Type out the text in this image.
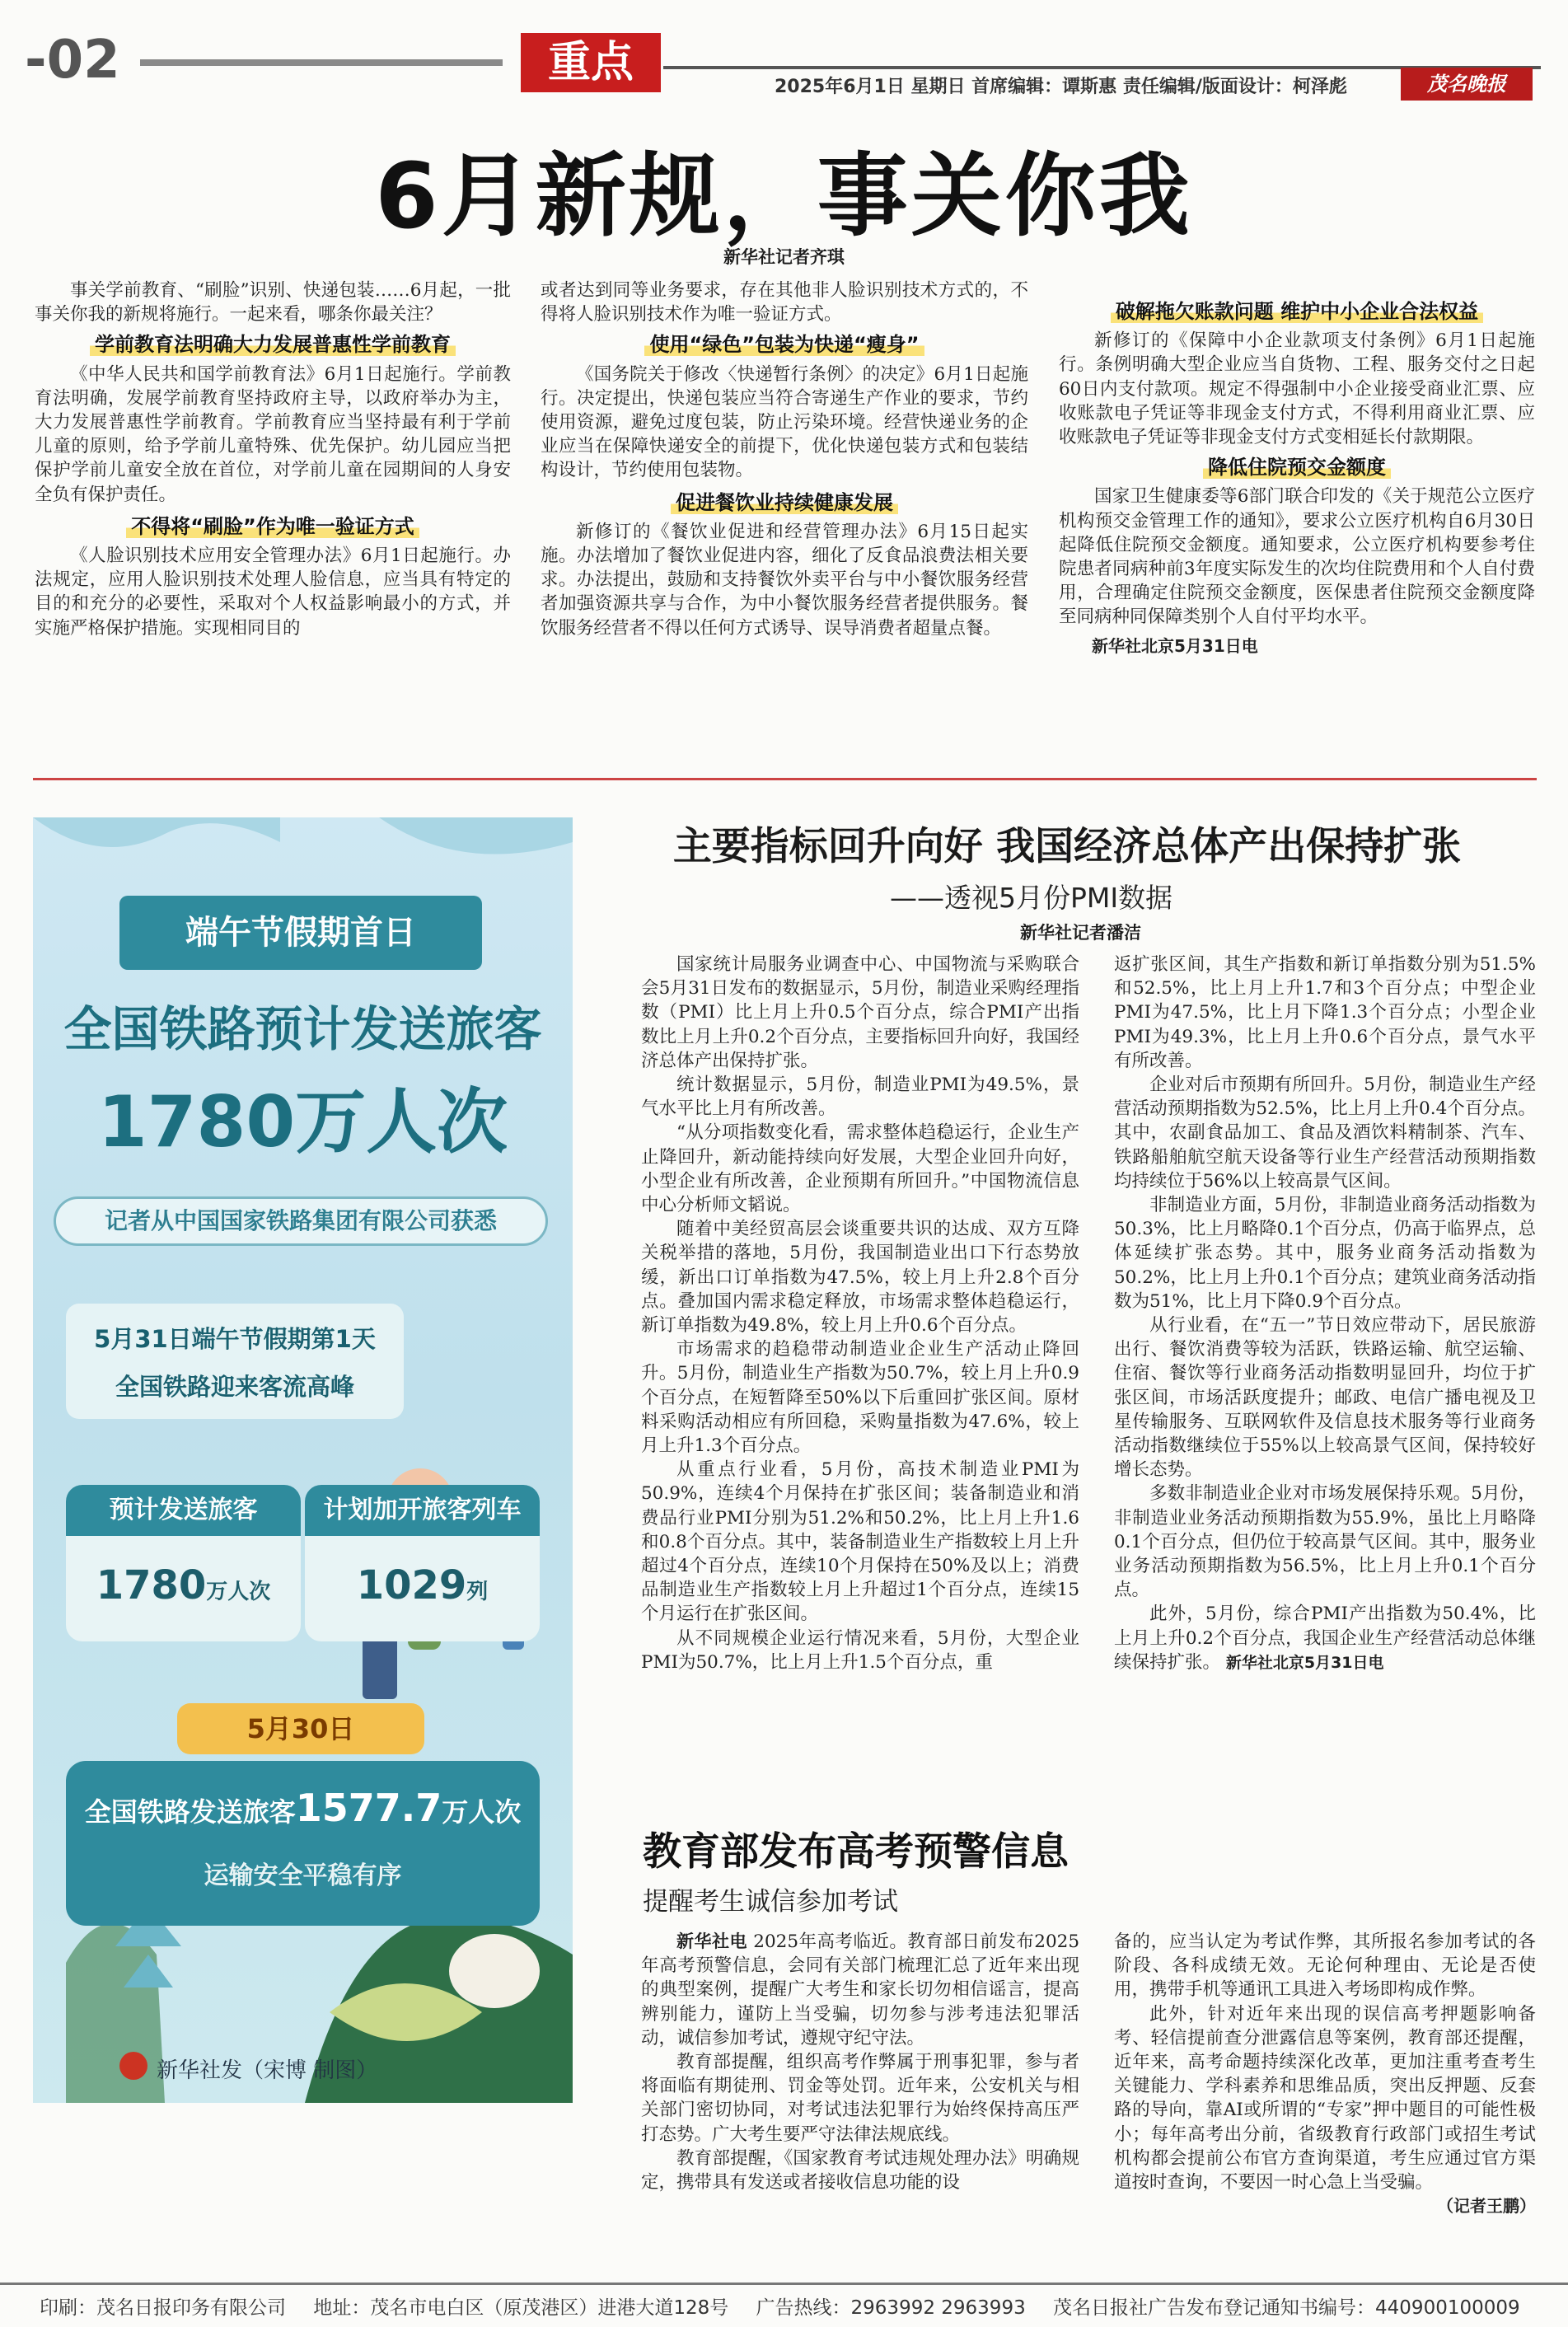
-02	重点	2025年6月1日 星期日 首席编辑：谭斯惠 责任编辑/版面设计：柯泽彪	茂名晚报
6月新规，事关你我
新华社记者齐琪

事关学前教育、“刷脸”识别、快递包装……6月起，一批事关你我的新规将施行。一起来看，哪条你最关注？

学前教育法明确大力发展普惠性学前教育

《中华人民共和国学前教育法》6月1日起施行。学前教育法明确，发展学前教育坚持政府主导，以政府举办为主，大力发展普惠性学前教育。学前教育应当坚持最有利于学前儿童的原则，给予学前儿童特殊、优先保护。幼儿园应当把保护学前儿童安全放在首位，对学前儿童在园期间的人身安全负有保护责任。

不得将“刷脸”作为唯一验证方式

《人脸识别技术应用安全管理办法》6月1日起施行。办法规定，应用人脸识别技术处理人脸信息，应当具有特定的目的和充分的必要性，采取对个人权益影响最小的方式，并实施严格保护措施。实现相同目的

或者达到同等业务要求，存在其他非人脸识别技术方式的，不得将人脸识别技术作为唯一验证方式。
使用“绿色”包装为快递“瘦身”

《国务院关于修改〈快递暂行条例〉的决定》6月1日起施行。决定提出，快递包装应当符合寄递生产作业的要求，节约使用资源，避免过度包装，防止污染环境。经营快递业务的企业应当在保障快递安全的前提下，优化快递包装方式和包装结构设计，节约使用包装物。

促进餐饮业持续健康发展

新修订的《餐饮业促进和经营管理办法》6月15日起实施。办法增加了餐饮业促进内容，细化了反食品浪费法相关要求。办法提出，鼓励和支持餐饮外卖平台与中小餐饮服务经营者加强资源共享与合作，为中小餐饮服务经营者提供服务。餐饮服务经营者不得以任何方式诱导、误导消费者超量点餐。

破解拖欠账款问题 维护中小企业合法权益

新修订的《保障中小企业款项支付条例》6月1日起施行。条例明确大型企业应当自货物、工程、服务交付之日起60日内支付款项。规定不得强制中小企业接受商业汇票、应收账款电子凭证等非现金支付方式，不得利用商业汇票、应收账款电子凭证等非现金支付方式变相延长付款期限。

降低住院预交金额度

国家卫生健康委等6部门联合印发的《关于规范公立医疗机构预交金管理工作的通知》，要求公立医疗机构自6月30日起降低住院预交金额度。通知要求，公立医疗机构要参考住院患者同病种前3年度实际发生的次均住院费用和个人自付费用，合理确定住院预交金额度，医保患者住院预交金额度降至同病种同保障类别个人自付平均水平。

新华社北京5月31日电
端午节假期首日
全国铁路预计发送旅客
1780万人次
记者从中国国家铁路集团有限公司获悉
5月31日端午节假期第1天
全国铁路迎来客流高峰
预计发送旅客
1780万人次
计划加开旅客列车
1029列
5月30日
全国铁路发送旅客1577.7万人次
运输安全平稳有序
新华社发（宋博 制图）
主要指标回升向好 我国经济总体产出保持扩张
——透视5月份PMI数据
新华社记者潘洁

国家统计局服务业调查中心、中国物流与采购联合会5月31日发布的数据显示，5月份，制造业采购经理指数（PMI）比上月上升0.5个百分点，综合PMI产出指数比上月上升0.2个百分点，主要指标回升向好，我国经济总体产出保持扩张。

统计数据显示，5月份，制造业PMI为49.5%，景气水平比上月有所改善。

“从分项指数变化看，需求整体趋稳运行，企业生产止降回升，新动能持续向好发展，大型企业回升向好，小型企业有所改善，企业预期有所回升。”中国物流信息中心分析师文韬说。

随着中美经贸高层会谈重要共识的达成、双方互降关税举措的落地，5月份，我国制造业出口下行态势放缓，新出口订单指数为47.5%，较上月上升2.8个百分点。叠加国内需求稳定释放，市场需求整体趋稳运行，新订单指数为49.8%，较上月上升0.6个百分点。

市场需求的趋稳带动制造业企业生产活动止降回升。5月份，制造业生产指数为50.7%，较上月上升0.9个百分点，在短暂降至50%以下后重回扩张区间。原材料采购活动相应有所回稳，采购量指数为47.6%，较上月上升1.3个百分点。

从重点行业看，5月份，高技术制造业PMI为50.9%，连续4个月保持在扩张区间；装备制造业和消费品行业PMI分别为51.2%和50.2%，比上月上升1.6和0.8个百分点。其中，装备制造业生产指数较上月上升超过4个百分点，连续10个月保持在50%及以上；消费品制造业生产指数较上月上升超过1个百分点，连续15个月运行在扩张区间。

从不同规模企业运行情况来看，5月份，大型企业PMI为50.7%，比上月上升1.5个百分点，重

返扩张区间，其生产指数和新订单指数分别为51.5%和52.5%，比上月上升1.7和3个百分点；中型企业PMI为47.5%，比上月下降1.3个百分点；小型企业PMI为49.3%，比上月上升0.6个百分点，景气水平有所改善。

企业对后市预期有所回升。5月份，制造业生产经营活动预期指数为52.5%，比上月上升0.4个百分点。其中，农副食品加工、食品及酒饮料精制茶、汽车、铁路船舶航空航天设备等行业生产经营活动预期指数均持续位于56%以上较高景气区间。

非制造业方面，5月份，非制造业商务活动指数为50.3%，比上月略降0.1个百分点，仍高于临界点，总体延续扩张态势。其中，服务业商务活动指数为50.2%，比上月上升0.1个百分点；建筑业商务活动指数为51%，比上月下降0.9个百分点。

从行业看，在“五一”节日效应带动下，居民旅游出行、餐饮消费等较为活跃，铁路运输、航空运输、住宿、餐饮等行业商务活动指数明显回升，均位于扩张区间，市场活跃度提升；邮政、电信广播电视及卫星传输服务、互联网软件及信息技术服务等行业商务活动指数继续位于55%以上较高景气区间，保持较好增长态势。

多数非制造业企业对市场发展保持乐观。5月份，非制造业业务活动预期指数为55.9%，虽比上月略降0.1个百分点，但仍位于较高景气区间。其中，服务业业务活动预期指数为56.5%，比上月上升0.1个百分点。

此外，5月份，综合PMI产出指数为50.4%，比上月上升0.2个百分点，我国企业生产经营活动总体继续保持扩张。 新华社北京5月31日电

教育部发布高考预警信息
提醒考生诚信参加考试

新华社电 2025年高考临近。教育部日前发布2025年高考预警信息，会同有关部门梳理汇总了近年来出现的典型案例，提醒广大考生和家长切勿相信谣言，提高辨别能力，谨防上当受骗，切勿参与涉考违法犯罪活动，诚信参加考试，遵规守纪守法。

教育部提醒，组织高考作弊属于刑事犯罪，参与者将面临有期徒刑、罚金等处罚。近年来，公安机关与相关部门密切协同，对考试违法犯罪行为始终保持高压严打态势。广大考生要严守法律法规底线。

教育部提醒，《国家教育考试违规处理办法》明确规定，携带具有发送或者接收信息功能的设

备的，应当认定为考试作弊，其所报名参加考试的各阶段、各科成绩无效。无论何种理由、无论是否使用，携带手机等通讯工具进入考场即构成作弊。

此外，针对近年来出现的误信高考押题影响备考、轻信提前查分泄露信息等案例，教育部还提醒，近年来，高考命题持续深化改革，更加注重考查考生关键能力、学科素养和思维品质，突出反押题、反套路的导向，靠AI或所谓的“专家”押中题目的可能性极小；每年高考出分前，省级教育行政部门或招生考试机构都会提前公布官方查询渠道，考生应通过官方渠道按时查询，不要因一时心急上当受骗。

（记者王鹏）
印刷：茂名日报印务有限公司 地址：茂名市电白区（原茂港区）进港大道128号 广告热线：2963992 2963993 茂名日报社广告发布登记通知书编号：440900100009
